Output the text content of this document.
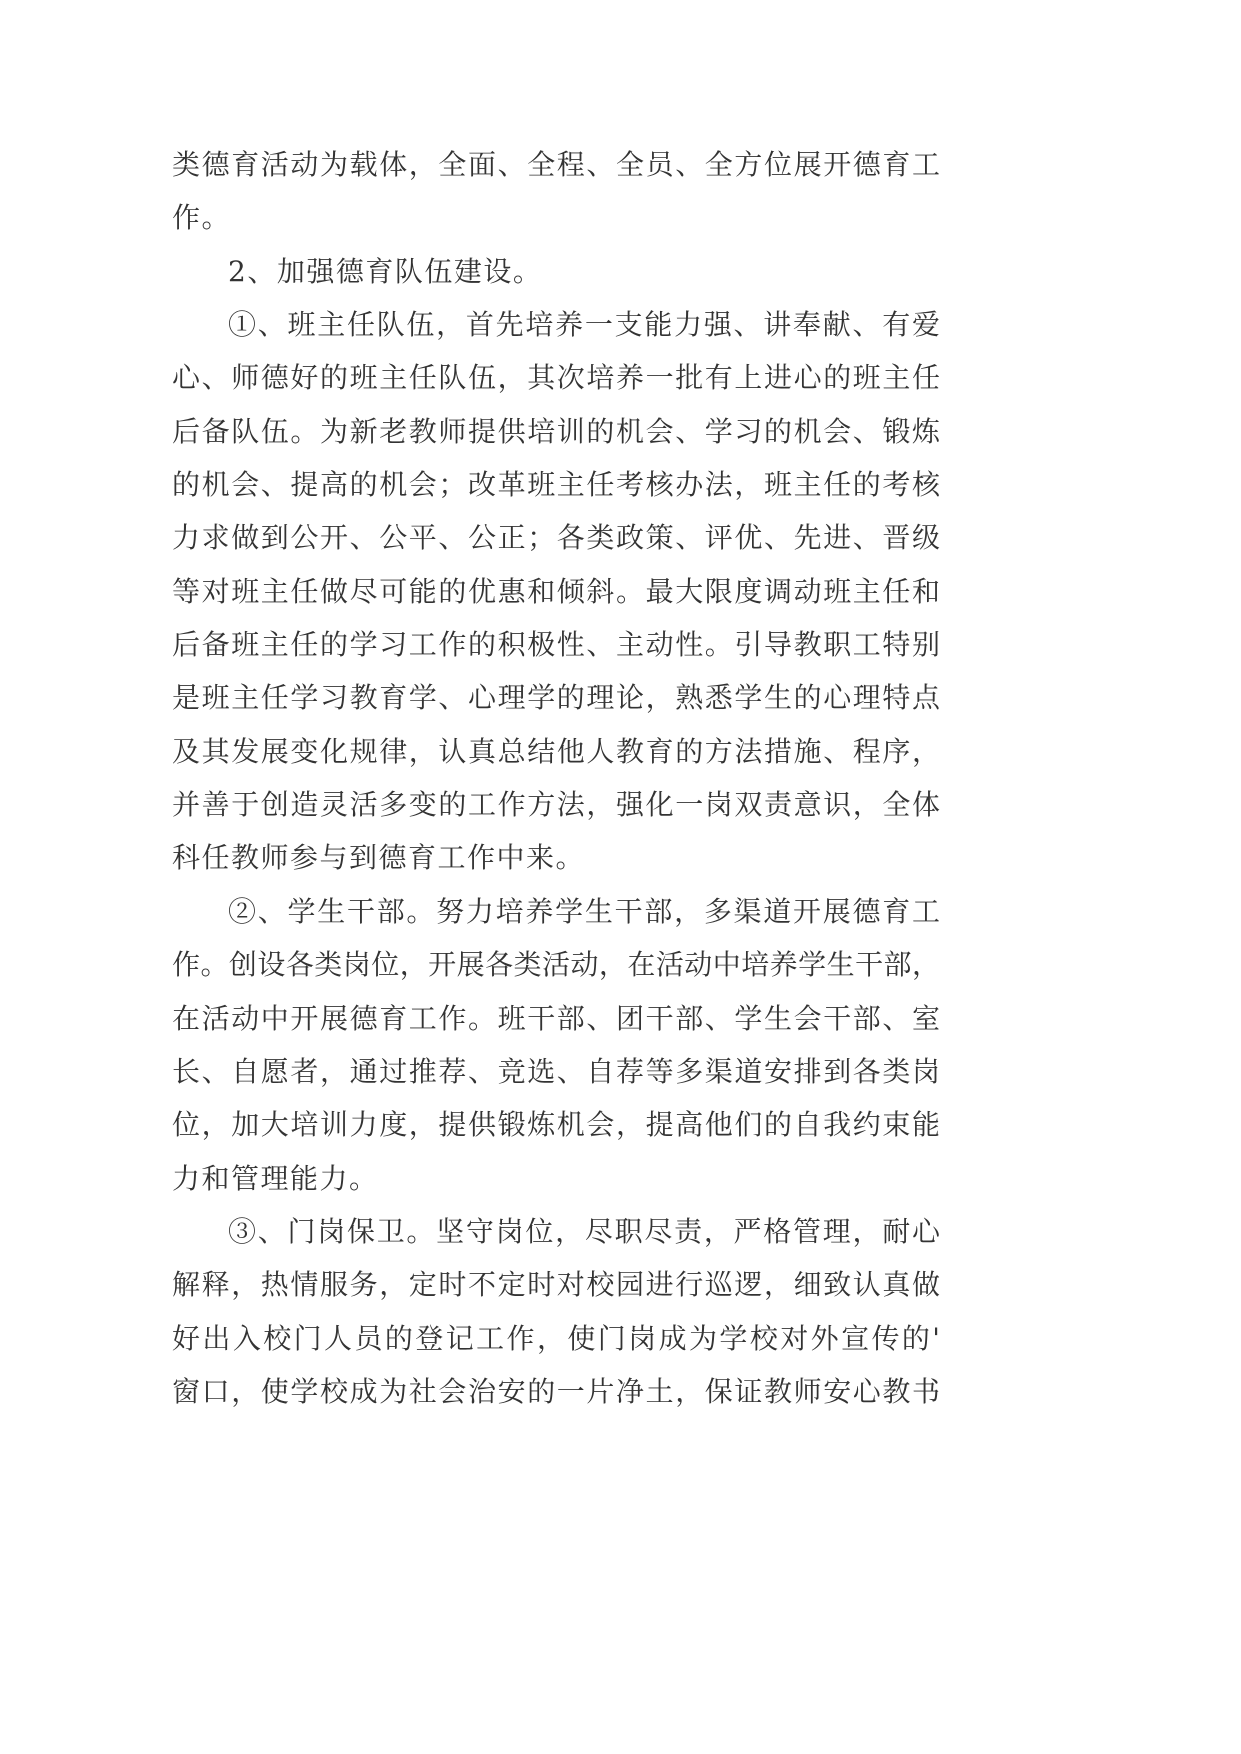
类德育活动为载体，全面、全程、全员、全方位展开德育工
作。
2、加强德育队伍建设。
①、班主任队伍，首先培养一支能力强、讲奉献、有爱
心、师德好的班主任队伍，其次培养一批有上进心的班主任
后备队伍。为新老教师提供培训的机会、学习的机会、锻炼
的机会、提高的机会；改革班主任考核办法，班主任的考核
力求做到公开、公平、公正；各类政策、评优、先进、晋级
等对班主任做尽可能的优惠和倾斜。最大限度调动班主任和
后备班主任的学习工作的积极性、主动性。引导教职工特别
是班主任学习教育学、心理学的理论，熟悉学生的心理特点
及其发展变化规律，认真总结他人教育的方法措施、程序，
并善于创造灵活多变的工作方法，强化一岗双责意识，全体
科任教师参与到德育工作中来。
②、学生干部。努力培养学生干部，多渠道开展德育工
作。创设各类岗位，开展各类活动，在活动中培养学生干部，
在活动中开展德育工作。班干部、团干部、学生会干部、室
长、自愿者，通过推荐、竞选、自荐等多渠道安排到各类岗
位，加大培训力度，提供锻炼机会，提高他们的自我约束能
力和管理能力。
③、门岗保卫。坚守岗位，尽职尽责，严格管理，耐心
解释，热情服务，定时不定时对校园进行巡逻，细致认真做
好出入校门人员的登记工作，使门岗成为学校对外宣传的'
窗口，使学校成为社会治安的一片净土，保证教师安心教书
